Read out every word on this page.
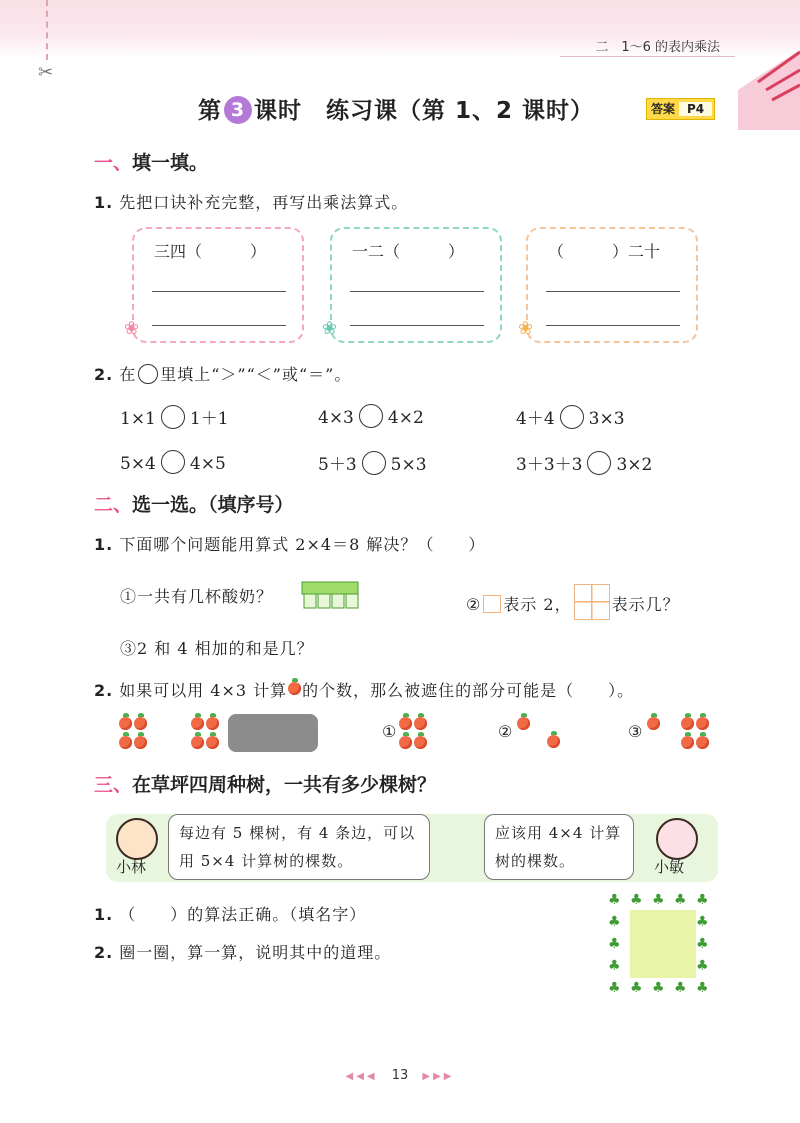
✂
二　1～6 的表内乘法
第 3 课时　练习课（第 1、2 课时）	答案 P4
一、填一填。
1. 先把口诀补充完整，再写出乘法算式。
三四（　　　）
❀
一二（　　　）
❀
（　　　）二十
❀
2. 在 里填上“＞”“＜”或“＝”。
1×1 1＋1	4×3 4×2	4＋4 3×3
5×4 4×5	5＋3 5×3	3＋3＋3 3×2
二、选一选。（填序号）
1. 下面哪个问题能用算式 2×4＝8 解决？（　　）
①一共有几杯酸奶？	② 表示 2，	表示几？
③2 和 4 相加的和是几？
2. 如果可以用 4×3 计算 的个数，那么被遮住的部分可能是（　　）。
①	②	③
三、在草坪四周种树，一共有多少棵树？
小林
每边有 5 棵树，有 4 条边，可以用 5×4 计算树的棵数。
应该用 4×4 计算树的棵数。	小敏
1. （　　）的算法正确。（填名字）
2. 圈一圈，算一算，说明其中的道理。
♣
♣
♣
♣
♣
♣
♣
♣
♣
♣
♣	♣
♣	♣
♣	♣
◀◀◀ 13 ▶▶▶
